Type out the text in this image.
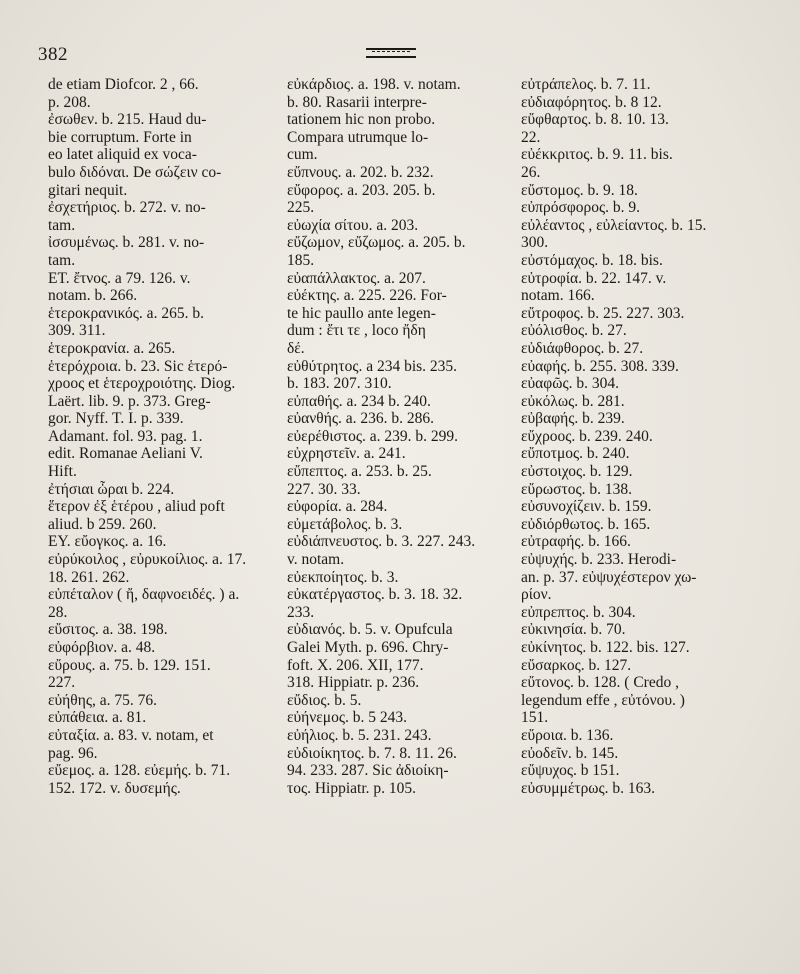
382
de etiam Diofcor. 2 , 66.
p. 208.
ἐσωθεν. b. 215. Haud du-
bie corruptum. Forte in
eo latet aliquid ex voca-
bulo διδόναι. De σώζειν co-
gitari nequit.
ἐσχετήριος. b. 272. v. no-
tam.
ἰσσυμένως. b. 281. v. no-
tam.
ET. ἔτνος. a 79. 126. v.
notam. b. 266.
ἑτεροκρανικός. a. 265. b.
309. 311.
ἑτεροκρανία. a. 265.
ἑτερόχροια. b. 23. Sic ἑτερό-
χροος et ἑτεροχροιότης. Diog.
Laërt. lib. 9. p. 373. Greg-
gor. Nyff. T. I. p. 339.
Adamant. fol. 93. pag. 1.
edit. Romanae Aeliani V.
Hift.
ἐτήσιαι ὧραι b. 224.
ἕτερον ἐξ ἑτέρου , aliud poft
aliud. b 259. 260.
ΕΥ. εὔογκος. a. 16.
εὐρύκοιλος , εὐρυκοίλιος. a. 17.
18. 261. 262.
εὐπέταλον ( ἤ, δαφνοειδές. ) a.
28.
εὔσιτος. a. 38. 198.
εὐφόρβιον. a. 48.
εὔρους. a. 75. b. 129. 151.
227.
εὐήθης, a. 75. 76.
εὐπάθεια. a. 81.
εὐταξία. a. 83. v. notam, et
pag. 96.
εὔεμος. a. 128. εὐεμής. b. 71.
152. 172. v. δυσεμής.
εὐκάρδιος. a. 198. v. notam.
b. 80. Rasarii interpre-
tationem hic non probo.
Compara utrumque lo-
cum.
εὔπνους. a. 202. b. 232.
εὔφορος. a. 203. 205. b.
225.
εὐωχία σίτου. a. 203.
εὔζωμον, εὔζωμος. a. 205. b.
185.
εὐαπάλλακτος. a. 207.
εὐέκτης. a. 225. 226. For-
te hic paullo ante legen-
dum : ἔτι τε , loco ἤδη
δέ.
εὐθύτρητος. a 234 bis. 235.
b. 183. 207. 310.
εὐπαθής. a. 234 b. 240.
εὐανθής. a. 236. b. 286.
εὐερέθιστος. a. 239. b. 299.
εὐχρηστεῖν. a. 241.
εὔπεπτος. a. 253. b. 25.
227. 30. 33.
εὐφορία. a. 284.
εὐμετάβολος. b. 3.
εὐδιάπνευστος. b. 3. 227. 243.
v. notam.
εὐεκποίητος. b. 3.
εὐκατέργαστος. b. 3. 18. 32.
233.
εὐδιανός. b. 5. v. Opufcula
Galei Myth. p. 696. Chry-
foft. X. 206. XII, 177.
318. Hippiatr. p. 236.
εὔδιος. b. 5.
εὐήνεμος. b. 5 243.
εὐήλιος. b. 5. 231. 243.
εὐδιοίκητος. b. 7. 8. 11. 26.
94. 233. 287. Sic ἀδιοίκη-
τος. Hippiatr. p. 105.
εὐτράπελος. b. 7. 11.
εὐδιαφόρητος. b. 8 12.
εὔφθαρτος. b. 8. 10. 13.
22.
εὐέκκριτος. b. 9. 11. bis.
26.
εὔστομος. b. 9. 18.
εὐπρόσφορος. b. 9.
εὐλέαντος , εὐλείαντος. b. 15.
300.
εὐστόμαχος. b. 18. bis.
εὐτροφία. b. 22. 147. v.
notam. 166.
εὔτροφος. b. 25. 227. 303.
εὐόλισθος. b. 27.
εὐδιάφθορος. b. 27.
εὐαφής. b. 255. 308. 339.
εὐαφῶς. b. 304.
εὐκόλως. b. 281.
εὐβαφής. b. 239.
εὔχροος. b. 239. 240.
εὔποτμος. b. 240.
εὐστοιχος. b. 129.
εὔρωστος. b. 138.
εὐσυνοχίζειν. b. 159.
εὐδιόρθωτος. b. 165.
εὐτραφής. b. 166.
εὐψυχής. b. 233. Herodi-
an. p. 37. εὐψυχέστερον χω-
ρίον.
εὐπρεπτος. b. 304.
εὐκινησία. b. 70.
εὐκίνητος. b. 122. bis. 127.
εὔσαρκος. b. 127.
εὔτονος. b. 128. ( Credo ,
legendum effe , εὐτόνου. )
151.
εὔροια. b. 136.
εὐοδεῖν. b. 145.
εὔψυχος. b 151.
εὐσυμμέτρως. b. 163.
